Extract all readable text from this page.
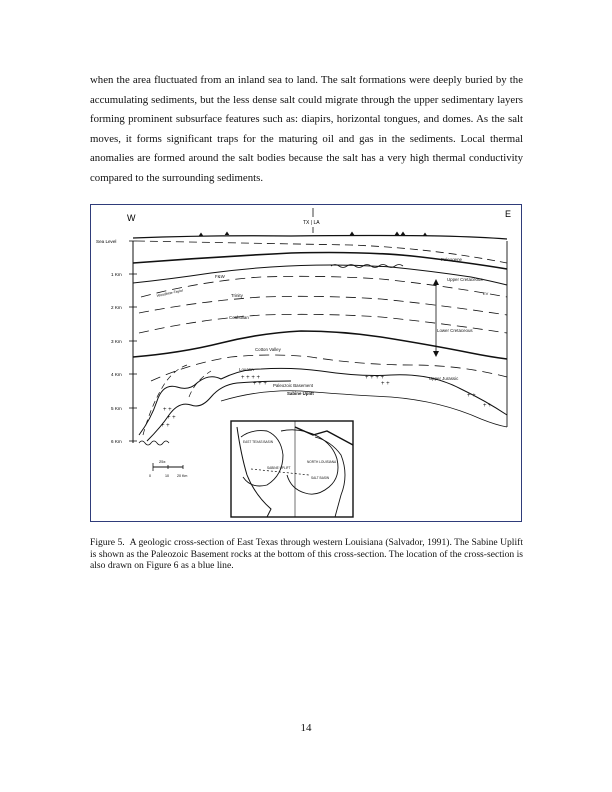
when the area fluctuated from an inland sea to land. The salt formations were deeply buried by the accumulating sediments, but the less dense salt could migrate through the upper sedimentary layers forming prominent subsurface features such as: diapirs, horizontal tongues, and domes. As the salt moves, it forms significant traps for the maturing oil and gas in the sediments. Local thermal anomalies are formed around the salt bodies because the salt has a very high thermal conductivity compared to the surrounding sediments.

W	E
TX | LA
Sea Level
1 Km
2 Km
3 Km
4 Km
5 Km
6 Km
+ +
+ +
+ +
+ + + +
+ + +
+ + + +
+ +
+ +
+ +
Paleogene
Upper Cretaceous
EV
F&W
Woodbine-Taylor	Trinity
Coahuilan
Lower Cretaceous
Cotton Valley
Louann
Paleozoic Basement
Sabine Uplift
Upper Jurassic
25x
0	10 20 Km
EAST TEXAS BASIN
SABINE UPLIFT
NORTH LOUISIANA
SALT BASIN

Figure 5. A geologic cross-section of East Texas through western Louisiana (Salvador, 1991). The Sabine Uplift is shown as the Paleozoic Basement rocks at the bottom of this cross-section. The location of the cross-section is also drawn on Figure 6 as a blue line.

14
